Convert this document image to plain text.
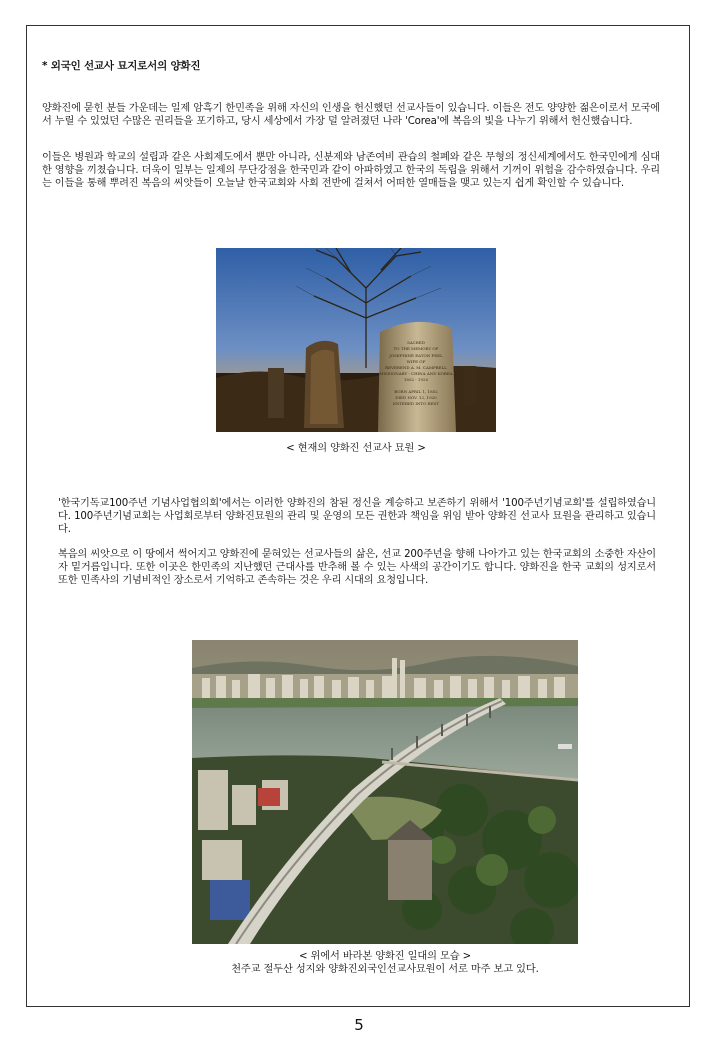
* 외국인 선교사 묘지로서의 양화진

양화진에 묻힌 분들 가운데는 일제 암흑기 한민족을 위해 자신의 인생을 헌신했던 선교사들이 있습니다. 이들은 전도 양양한 젊은이로서 모국에서 누릴 수 있었던 수많은 권리들을 포기하고, 당시 세상에서 가장 덜 알려졌던 나라 'Corea'에 복음의 빛을 나누기 위해서 헌신했습니다.

이들은 병원과 학교의 설립과 같은 사회제도에서 뿐만 아니라, 신분제와 남존여비 관습의 철폐와 같은 무형의 정신세계에서도 한국민에게 심대한 영향을 끼쳤습니다. 더욱이 일부는 일제의 무단강점을 한국민과 같이 아파하였고 한국의 독립을 위해서 기꺼이 위험을 감수하였습니다. 우리는 이들을 통해 뿌려진 복음의 씨앗들이 오늘날 한국교회와 사회 전반에 걸쳐서 어떠한 열매들을 맺고 있는지 쉽게 확인할 수 있습니다.

SACRED
TO THE MEMORY OF
JOSEPHINE EATON PEEL
WIFE OF
REVEREND A. M. CAMPBELL
MISSIONARY - CHINA AND KOREA
1852 - 1920
BORN APRIL 1, 1852
DIED NOV. 12, 1920
ENTERED INTO REST
< 현재의 양화진 선교사 묘원 >

'한국기독교100주년 기념사업협의회'에서는 이러한 양화진의 참된 정신을 계승하고 보존하기 위해서 '100주년기념교회'를 설립하였습니다. 100주년기념교회는 사업회로부터 양화진묘원의 관리 및 운영의 모든 권한과 책임을 위임 받아 양화진 선교사 묘원을 관리하고 있습니다.

복음의 씨앗으로 이 땅에서 썩어지고 양화진에 묻혀있는 선교사들의 삶은, 선교 200주년을 향해 나아가고 있는 한국교회의 소중한 자산이자 밑거름입니다. 또한 이곳은 한민족의 지난했던 근대사를 반추해 볼 수 있는 사색의 공간이기도 합니다. 양화진을 한국 교회의 성지로서 또한 민족사의 기념비적인 장소로서 기억하고 존속하는 것은 우리 시대의 요청입니다.

< 위에서 바라본 양화진 일대의 모습 >
천주교 절두산 성지와 양화진외국인선교사묘원이 서로 마주 보고 있다.
5
